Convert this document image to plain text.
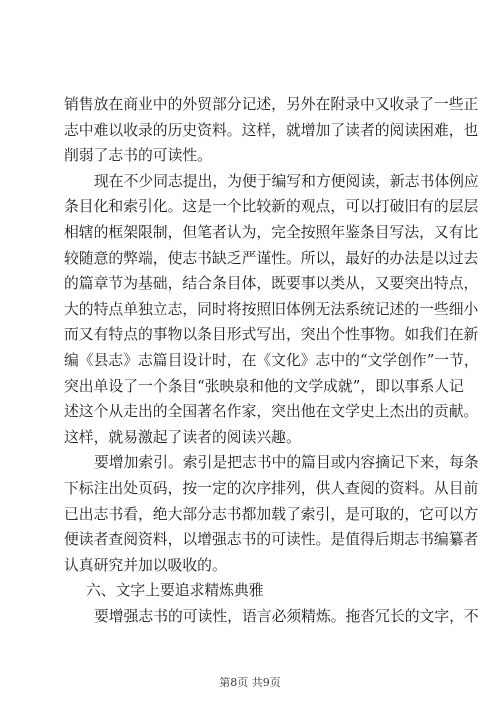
销售放在商业中的外贸部分记述，另外在附录中又收录了一些正
志中难以收录的历史资料。这样，就增加了读者的阅读困难，也
削弱了志书的可读性。
现在不少同志提出，为便于编写和方便阅读，新志书体例应
条目化和索引化。这是一个比较新的观点，可以打破旧有的层层
相辖的框架限制，但笔者认为，完全按照年鉴条目写法，又有比
较随意的弊端，使志书缺乏严谨性。所以，最好的办法是以过去
的篇章节为基础，结合条目体，既要事以类从，又要突出特点，
大的特点单独立志，同时将按照旧体例无法系统记述的一些细小
而又有特点的事物以条目形式写出，突出个性事物。如我们在新
编《县志》志篇目设计时，在《文化》志中的“文学创作”一节，
突出单设了一个条目“张映泉和他的文学成就”，即以事系人记
述这个从走出的全国著名作家，突出他在文学史上杰出的贡献。
这样，就易激起了读者的阅读兴趣。
要增加索引。索引是把志书中的篇目或内容摘记下来，每条
下标注出处页码，按一定的次序排列，供人查阅的资料。从目前
已出志书看，绝大部分志书都加载了索引，是可取的，它可以方
便读者查阅资料，以增强志书的可读性。是值得后期志书编纂者
认真研究并加以吸收的。
六、文字上要追求精炼典雅
要增强志书的可读性，语言必须精炼。拖沓冗长的文字，不
第8页 共9页
